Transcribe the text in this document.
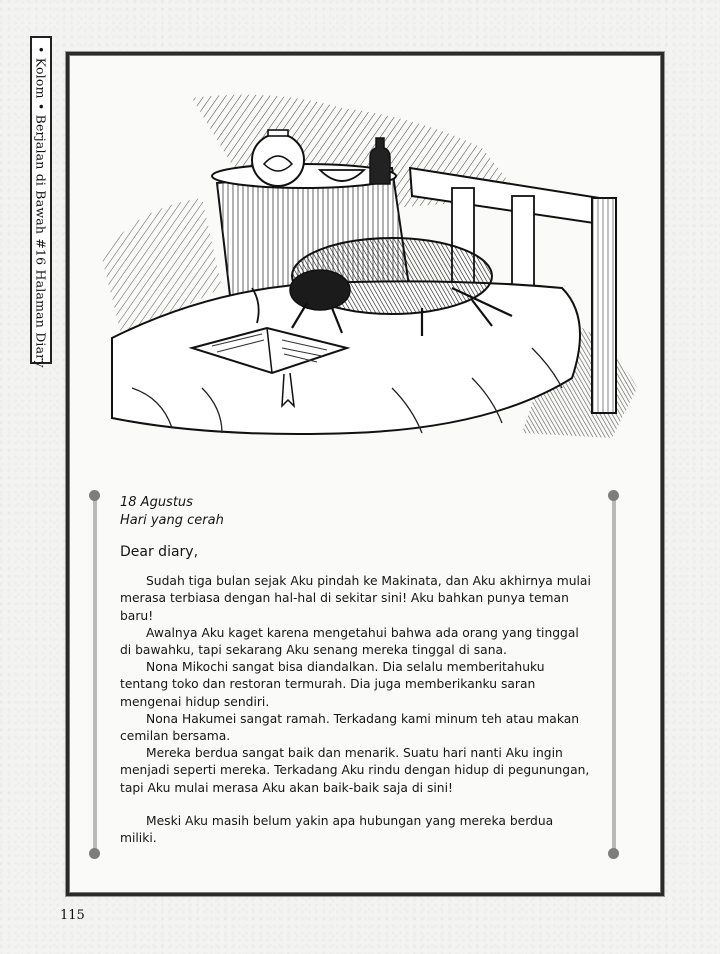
• Kolom • Berjalan di Bawah #16 Halaman Diary
18 Agustus
Hari yang cerah
Dear diary,

Sudah tiga bulan sejak Aku pindah ke Makinata, dan Aku akhirnya mulai merasa terbiasa dengan hal-hal di sekitar sini! Aku bahkan punya teman baru!

Awalnya Aku kaget karena mengetahui bahwa ada orang yang tinggal di bawahku, tapi sekarang Aku senang mereka tinggal di sana.

Nona Mikochi sangat bisa diandalkan. Dia selalu memberitahuku tentang toko dan restoran termurah. Dia juga memberikanku saran mengenai hidup sendiri.

Nona Hakumei sangat ramah. Terkadang kami minum teh atau makan cemilan bersama.

Mereka berdua sangat baik dan menarik. Suatu hari nanti Aku ingin menjadi seperti mereka. Terkadang Aku rindu dengan hidup di pegunungan, tapi Aku mulai merasa Aku akan baik-baik saja di sini!

Meski Aku masih belum yakin apa hubungan yang mereka berdua miliki.

115
